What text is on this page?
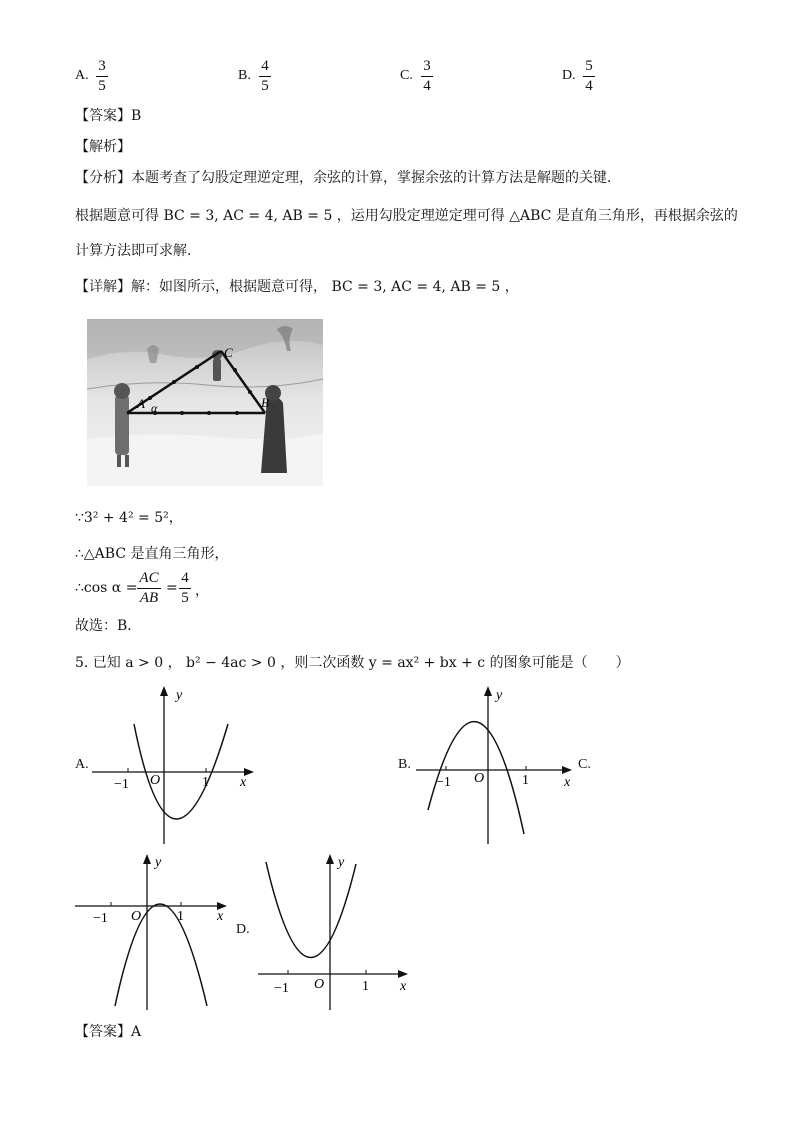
A.
3
5
B.
4
5
C.
3
4
D.
5
4
【答案】B
【解析】
【分析】本题考查了勾股定理逆定理，余弦的计算，掌握余弦的计算方法是解题的关键．
根据题意可得 BC = 3, AC = 4, AB = 5 ，运用勾股定理逆定理可得 △ABC 是直角三角形，再根据余弦的
计算方法即可求解．
【详解】解：如图所示，根据题意可得， BC = 3, AC = 4, AB = 5 ，
A	B
C
α
∵3² + 4² = 5²，
∴△ABC 是直角三角形，
∴cos α =
AC
AB
=
4
5 ，
故选：B．
5. 已知 a > 0 ， b² − 4ac > 0 ，则二次函数 y = ax² + bx + c 的图象可能是（　　）
A.	B.	C.
D.
y
x
O
−1	1
y
x
O
−1	1
y
x
O
−1	1
y
x
O
−1	1
【答案】A
